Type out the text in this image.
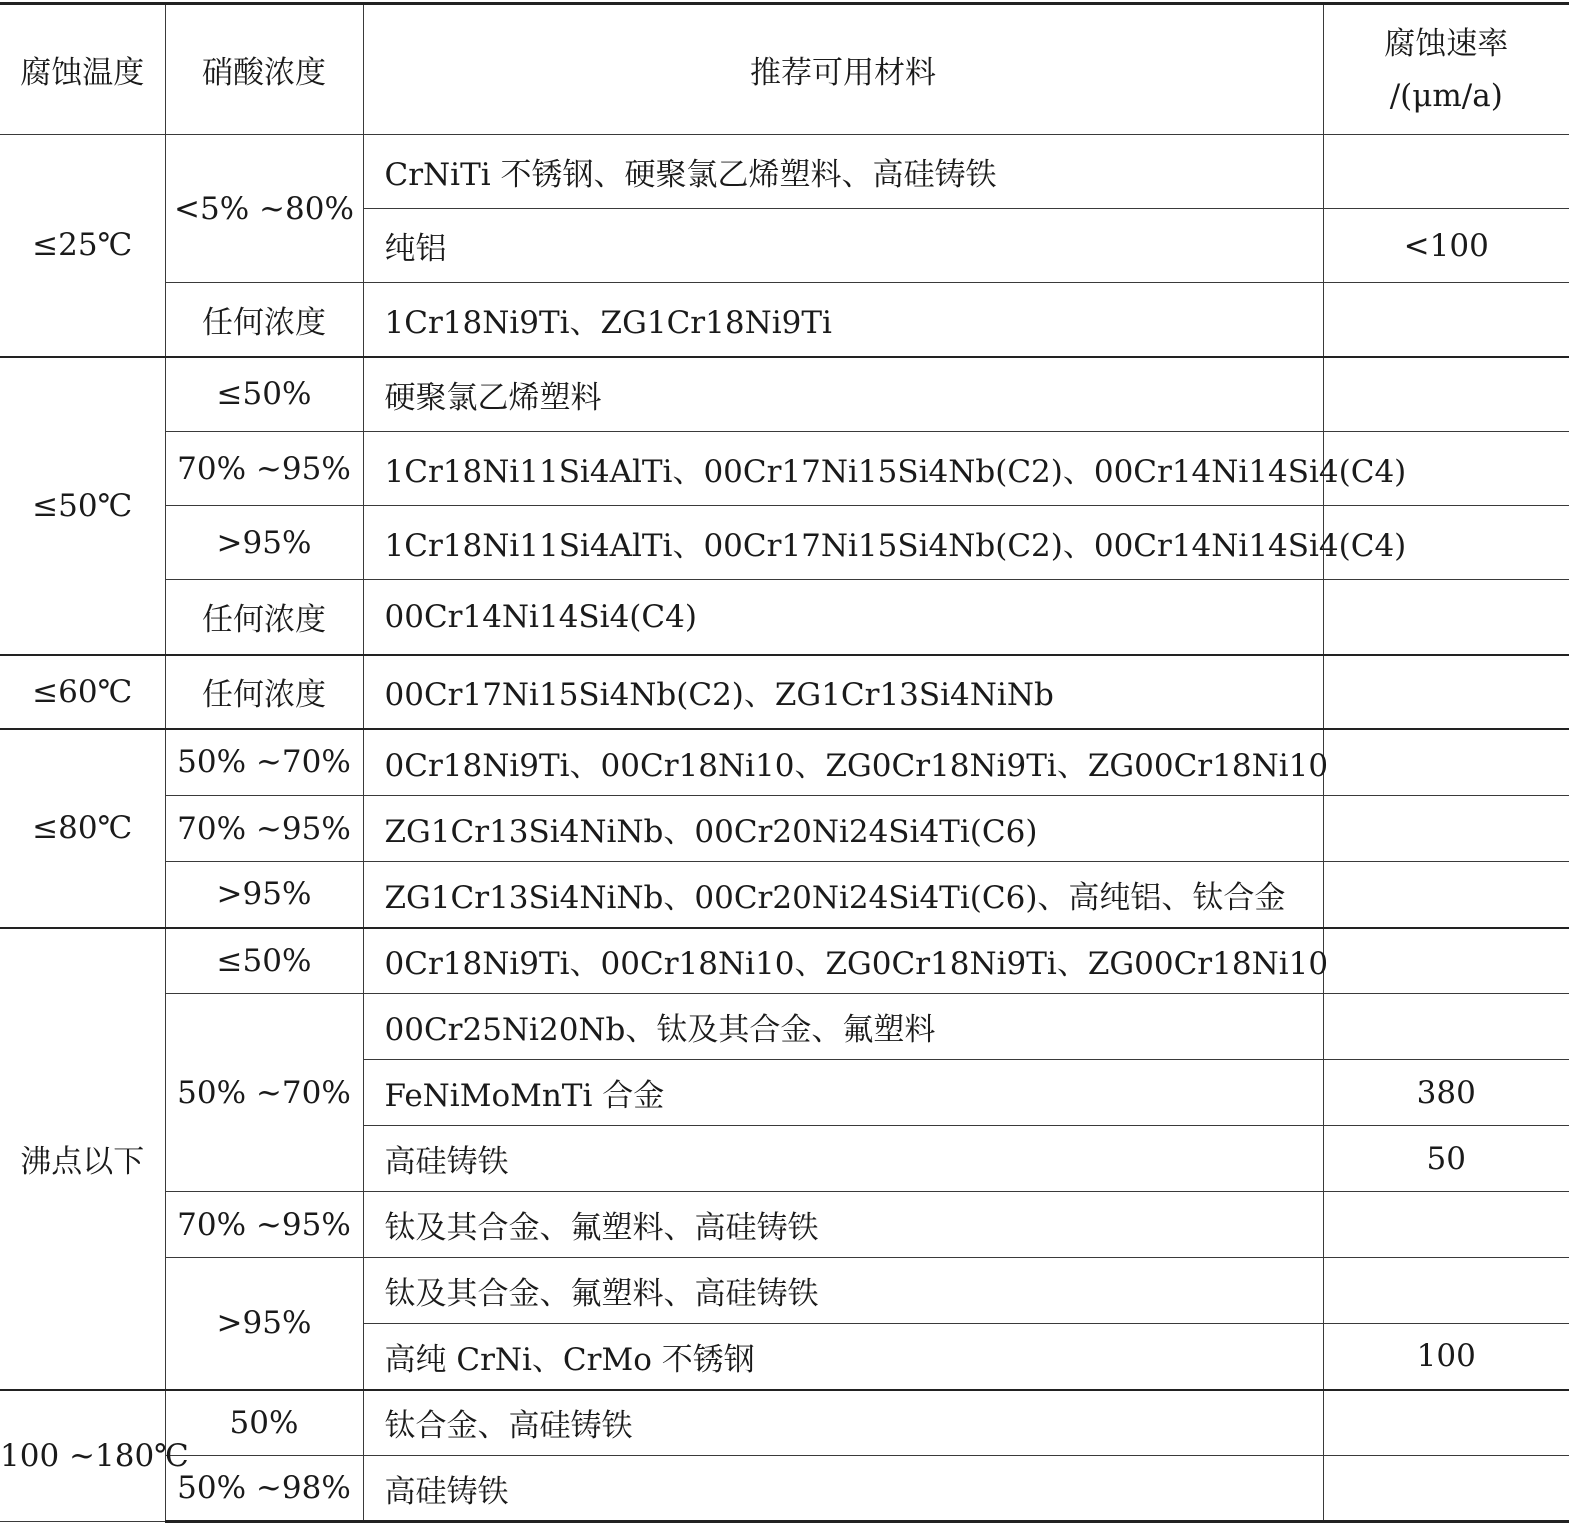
腐蚀温度	硝酸浓度	推荐可用材料	腐蚀速率
/(μm/a)
≤25℃	<5% ~80%	CrNiTi 不锈钢、硬聚氯乙烯塑料、高硅铸铁	
		纯铝	<100
	任何浓度	1Cr18Ni9Ti、ZG1Cr18Ni9Ti	
≤50℃	≤50%	硬聚氯乙烯塑料	
	70% ~95%	1Cr18Ni11Si4AlTi、00Cr17Ni15Si4Nb(C2)、00Cr14Ni14Si4(C4)	
	>95%	1Cr18Ni11Si4AlTi、00Cr17Ni15Si4Nb(C2)、00Cr14Ni14Si4(C4)	
	任何浓度	00Cr14Ni14Si4(C4)	
≤60℃	任何浓度	00Cr17Ni15Si4Nb(C2)、ZG1Cr13Si4NiNb	
≤80℃	50% ~70%	0Cr18Ni9Ti、00Cr18Ni10、ZG0Cr18Ni9Ti、ZG00Cr18Ni10	
	70% ~95%	ZG1Cr13Si4NiNb、00Cr20Ni24Si4Ti(C6)	
	>95%	ZG1Cr13Si4NiNb、00Cr20Ni24Si4Ti(C6)、高纯铝、钛合金	
沸点以下	≤50%	0Cr18Ni9Ti、00Cr18Ni10、ZG0Cr18Ni9Ti、ZG00Cr18Ni10	
	50% ~70%	00Cr25Ni20Nb、钛及其合金、氟塑料	
		FeNiMoMnTi 合金	380
		高硅铸铁	50
	70% ~95%	钛及其合金、氟塑料、高硅铸铁	
	>95%	钛及其合金、氟塑料、高硅铸铁	
		高纯 CrNi、CrMo 不锈钢	100
100 ~180℃	50%	钛合金、高硅铸铁	
	50% ~98%	高硅铸铁	
